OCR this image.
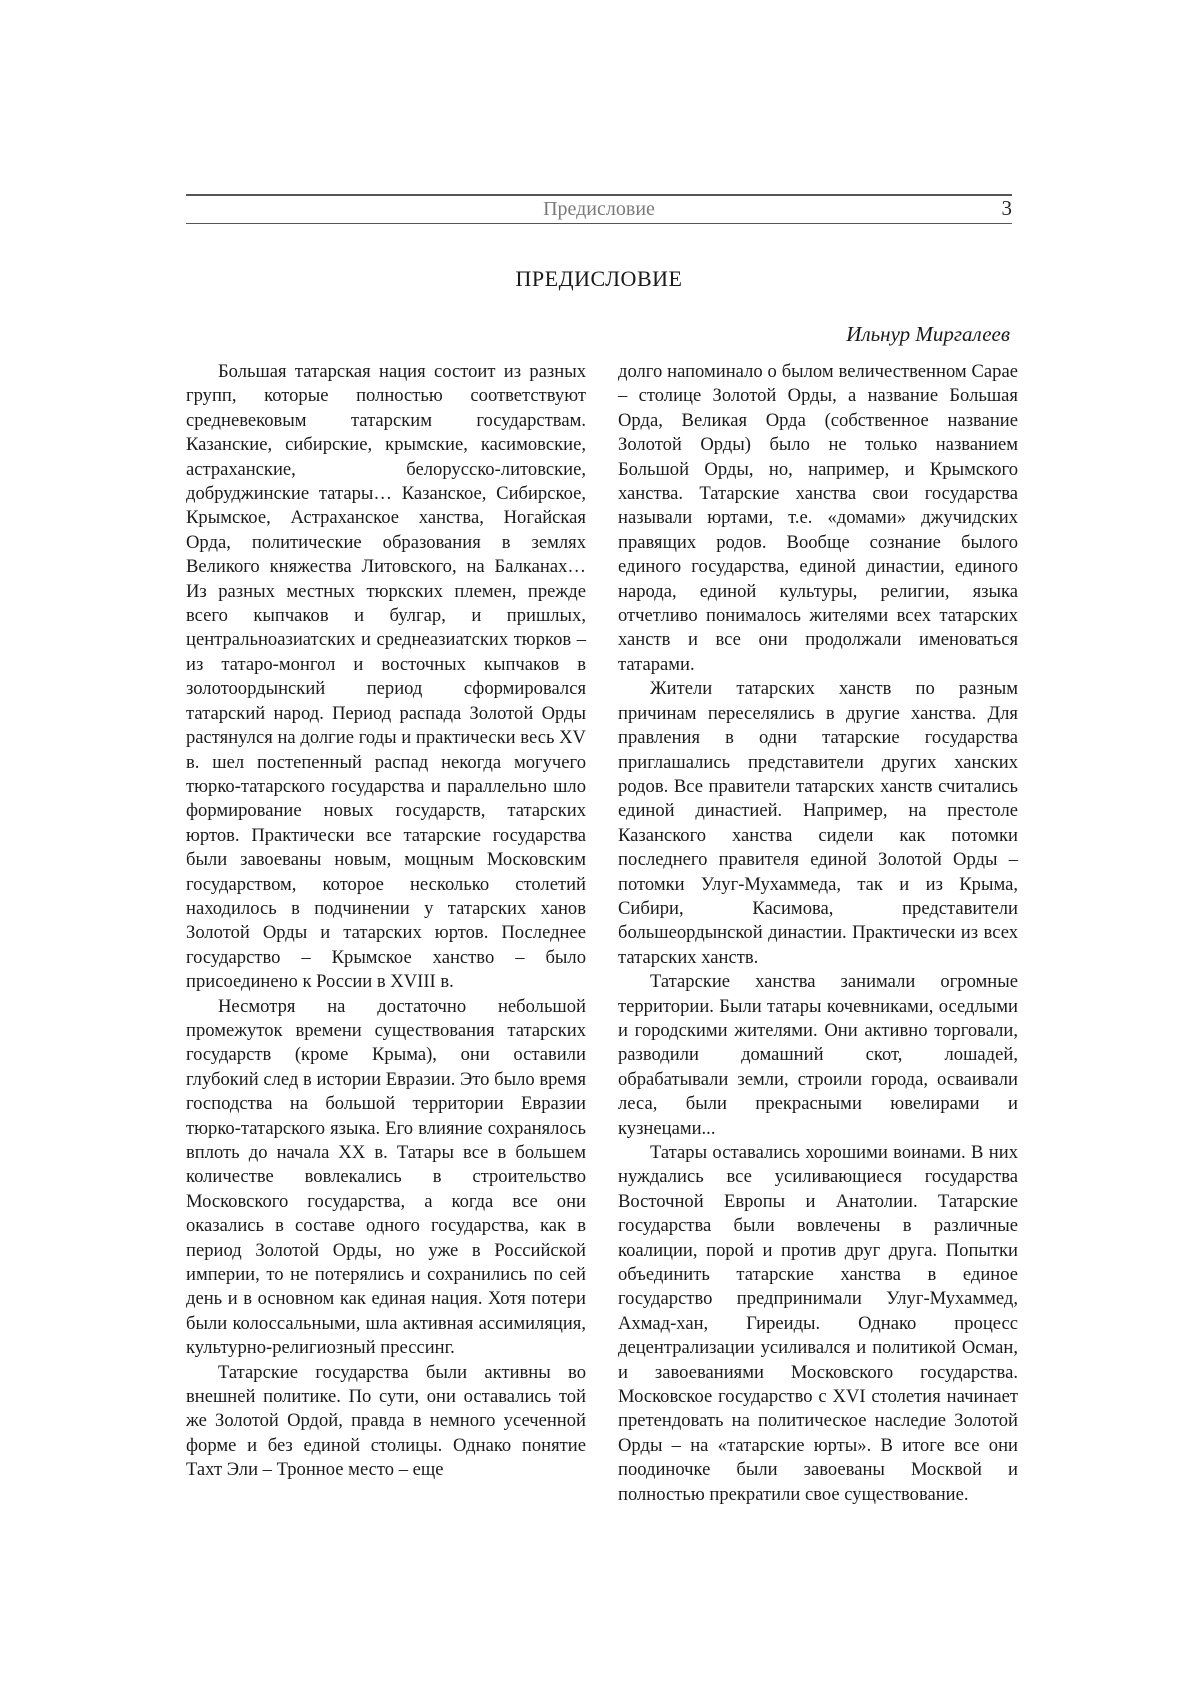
Предисловие	3
ПРЕДИСЛОВИЕ
Ильнур Миргалеев

Большая татарская нация состоит из разных групп, которые полностью соответствуют средневековым татарским государствам. Казанские, сибирские, крымские, касимовские, астраханские, белорусско-литовские, добруджинские татары… Казанское, Сибирское, Крымское, Астраханское ханства, Ногайская Орда, политические образования в землях Великого княжества Литовского, на Балканах… Из разных местных тюркских племен, прежде всего кыпчаков и булгар, и пришлых, центральноазиатских и среднеазиатских тюрков – из татаро-монгол и восточных кыпчаков в золотоордынский период сформировался татарский народ. Период распада Золотой Орды растянулся на долгие годы и практически весь XV в. шел постепенный распад некогда могучего тюрко-татарского государства и параллельно шло формирование новых государств, татарских юртов. Практически все татарские государства были завоеваны новым, мощным Московским государством, которое несколько столетий находилось в подчинении у татарских ханов Золотой Орды и татарских юртов. Последнее государство – Крымское ханство – было присоединено к России в XVIII в.

Несмотря на достаточно небольшой промежуток времени существования татарских государств (кроме Крыма), они оставили глубокий след в истории Евразии. Это было время господства на большой территории Евразии тюрко-татарского языка. Его влияние сохранялось вплоть до начала XX в. Татары все в большем количестве вовлекались в строительство Московского государства, а когда все они оказались в составе одного государства, как в период Золотой Орды, но уже в Российской империи, то не потерялись и сохранились по сей день и в основном как единая нация. Хотя потери были колоссальными, шла активная ассимиляция, культурно-религиозный прессинг.

Татарские государства были активны во внешней политике. По сути, они оставались той же Золотой Ордой, правда в немного усеченной форме и без единой столицы. Однако понятие Тахт Эли – Тронное место – еще

долго напоминало о былом величественном Сарае – столице Золотой Орды, а название Большая Орда, Великая Орда (собственное название Золотой Орды) было не только названием Большой Орды, но, например, и Крымского ханства. Татарские ханства свои государства называли юртами, т.е. «домами» джучидских правящих родов. Вообще сознание былого единого государства, единой династии, единого народа, единой культуры, религии, языка отчетливо понималось жителями всех татарских ханств и все они продолжали именоваться татарами.

Жители татарских ханств по разным причинам переселялись в другие ханства. Для правления в одни татарские государства приглашались представители других ханских родов. Все правители татарских ханств считались единой династией. Например, на престоле Казанского ханства сидели как потомки последнего правителя единой Золотой Орды – потомки Улуг-Мухаммеда, так и из Крыма, Сибири, Касимова, представители большеордынской династии. Практически из всех татарских ханств.

Татарские ханства занимали огромные территории. Были татары кочевниками, оседлыми и городскими жителями. Они активно торговали, разводили домашний скот, лошадей, обрабатывали земли, строили города, осваивали леса, были прекрасными ювелирами и кузнецами...

Татары оставались хорошими воинами. В них нуждались все усиливающиеся государства Восточной Европы и Анатолии. Татарские государства были вовлечены в различные коалиции, порой и против друг друга. Попытки объединить татарские ханства в единое государство предпринимали Улуг-Мухаммед, Ахмад-хан, Гиреиды. Однако процесс децентрализации усиливался и политикой Осман, и завоеваниями Московского государства. Московское государство с XVI столетия начинает претендовать на политическое наследие Золотой Орды – на «татарские юрты». В итоге все они поодиночке были завоеваны Москвой и полностью прекратили свое существование.
